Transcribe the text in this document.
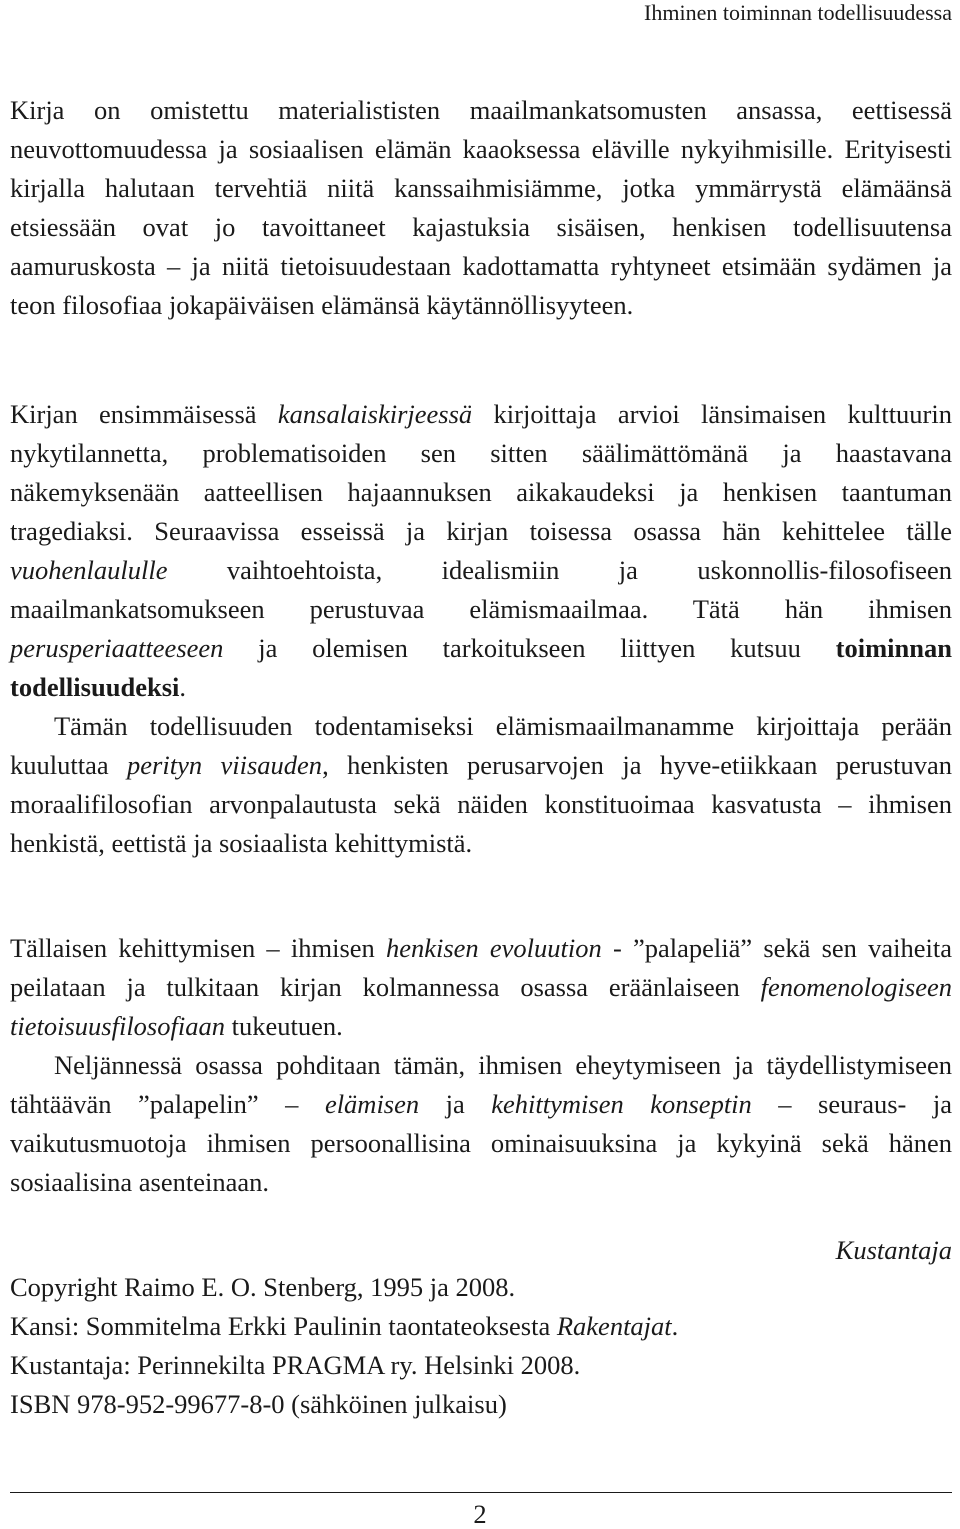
Ihminen toiminnan todellisuudessa

Kirja on omistettu materialististen maailmankatsomusten ansassa, eettisessä neuvottomuudessa ja sosiaalisen elämän kaaoksessa eläville nykyihmisille. Erityisesti kirjalla halutaan tervehtiä niitä kanssaihmisiämme, jotka ymmärrystä elämäänsä etsiessään ovat jo tavoittaneet kajastuksia sisäisen, henkisen todellisuutensa aamuruskosta – ja niitä tietoisuudestaan kadottamatta ryhtyneet etsimään sydämen ja teon filosofiaa jokapäiväisen elämänsä käytännöllisyyteen.

Kirjan ensimmäisessä kansalaiskirjeessä kirjoittaja arvioi länsimaisen kulttuurin nykytilannetta, problematisoiden sen sitten säälimättömänä ja haastavana näkemyksenään aatteellisen hajaannuksen aikakaudeksi ja henkisen taantuman tragediaksi. Seuraavissa esseissä ja kirjan toisessa osassa hän kehittelee tälle vuohenlaululle vaihtoehtoista, idealismiin ja uskonnollis-filosofiseen maailmankatsomukseen perustuvaa elämismaailmaa. Tätä hän ihmisen perusperiaatteeseen ja olemisen tarkoitukseen liittyen kutsuu toiminnan todellisuudeksi.
Tämän todellisuuden todentamiseksi elämismaailmanamme kirjoittaja perään kuuluttaa perityn viisauden, henkisten perusarvojen ja hyve-etiikkaan perustuvan moraalifilosofian arvonpalautusta sekä näiden konstituoimaa kasvatusta – ihmisen henkistä, eettistä ja sosiaalista kehittymistä.
Tällaisen kehittymisen – ihmisen henkisen evoluution - ”palapeliä” sekä sen vaiheita peilataan ja tulkitaan kirjan kolmannessa osassa eräänlaiseen fenomenologiseen tietoisuusfilosofiaan tukeutuen.
Neljännessä osassa pohditaan tämän, ihmisen eheytymiseen ja täydellistymiseen tähtäävän ”palapelin” – elämisen ja kehittymisen konseptin – seuraus- ja vaikutusmuotoja ihmisen persoonallisina ominaisuuksina ja kykyinä sekä hänen sosiaalisina asenteinaan.
Kustantaja
Copyright Raimo E. O. Stenberg, 1995 ja 2008.
Kansi: Sommitelma Erkki Paulinin taontateoksesta Rakentajat.
Kustantaja: Perinnekilta PRAGMA ry. Helsinki 2008.
ISBN 978-952-99677-8-0 (sähköinen julkaisu)
2
